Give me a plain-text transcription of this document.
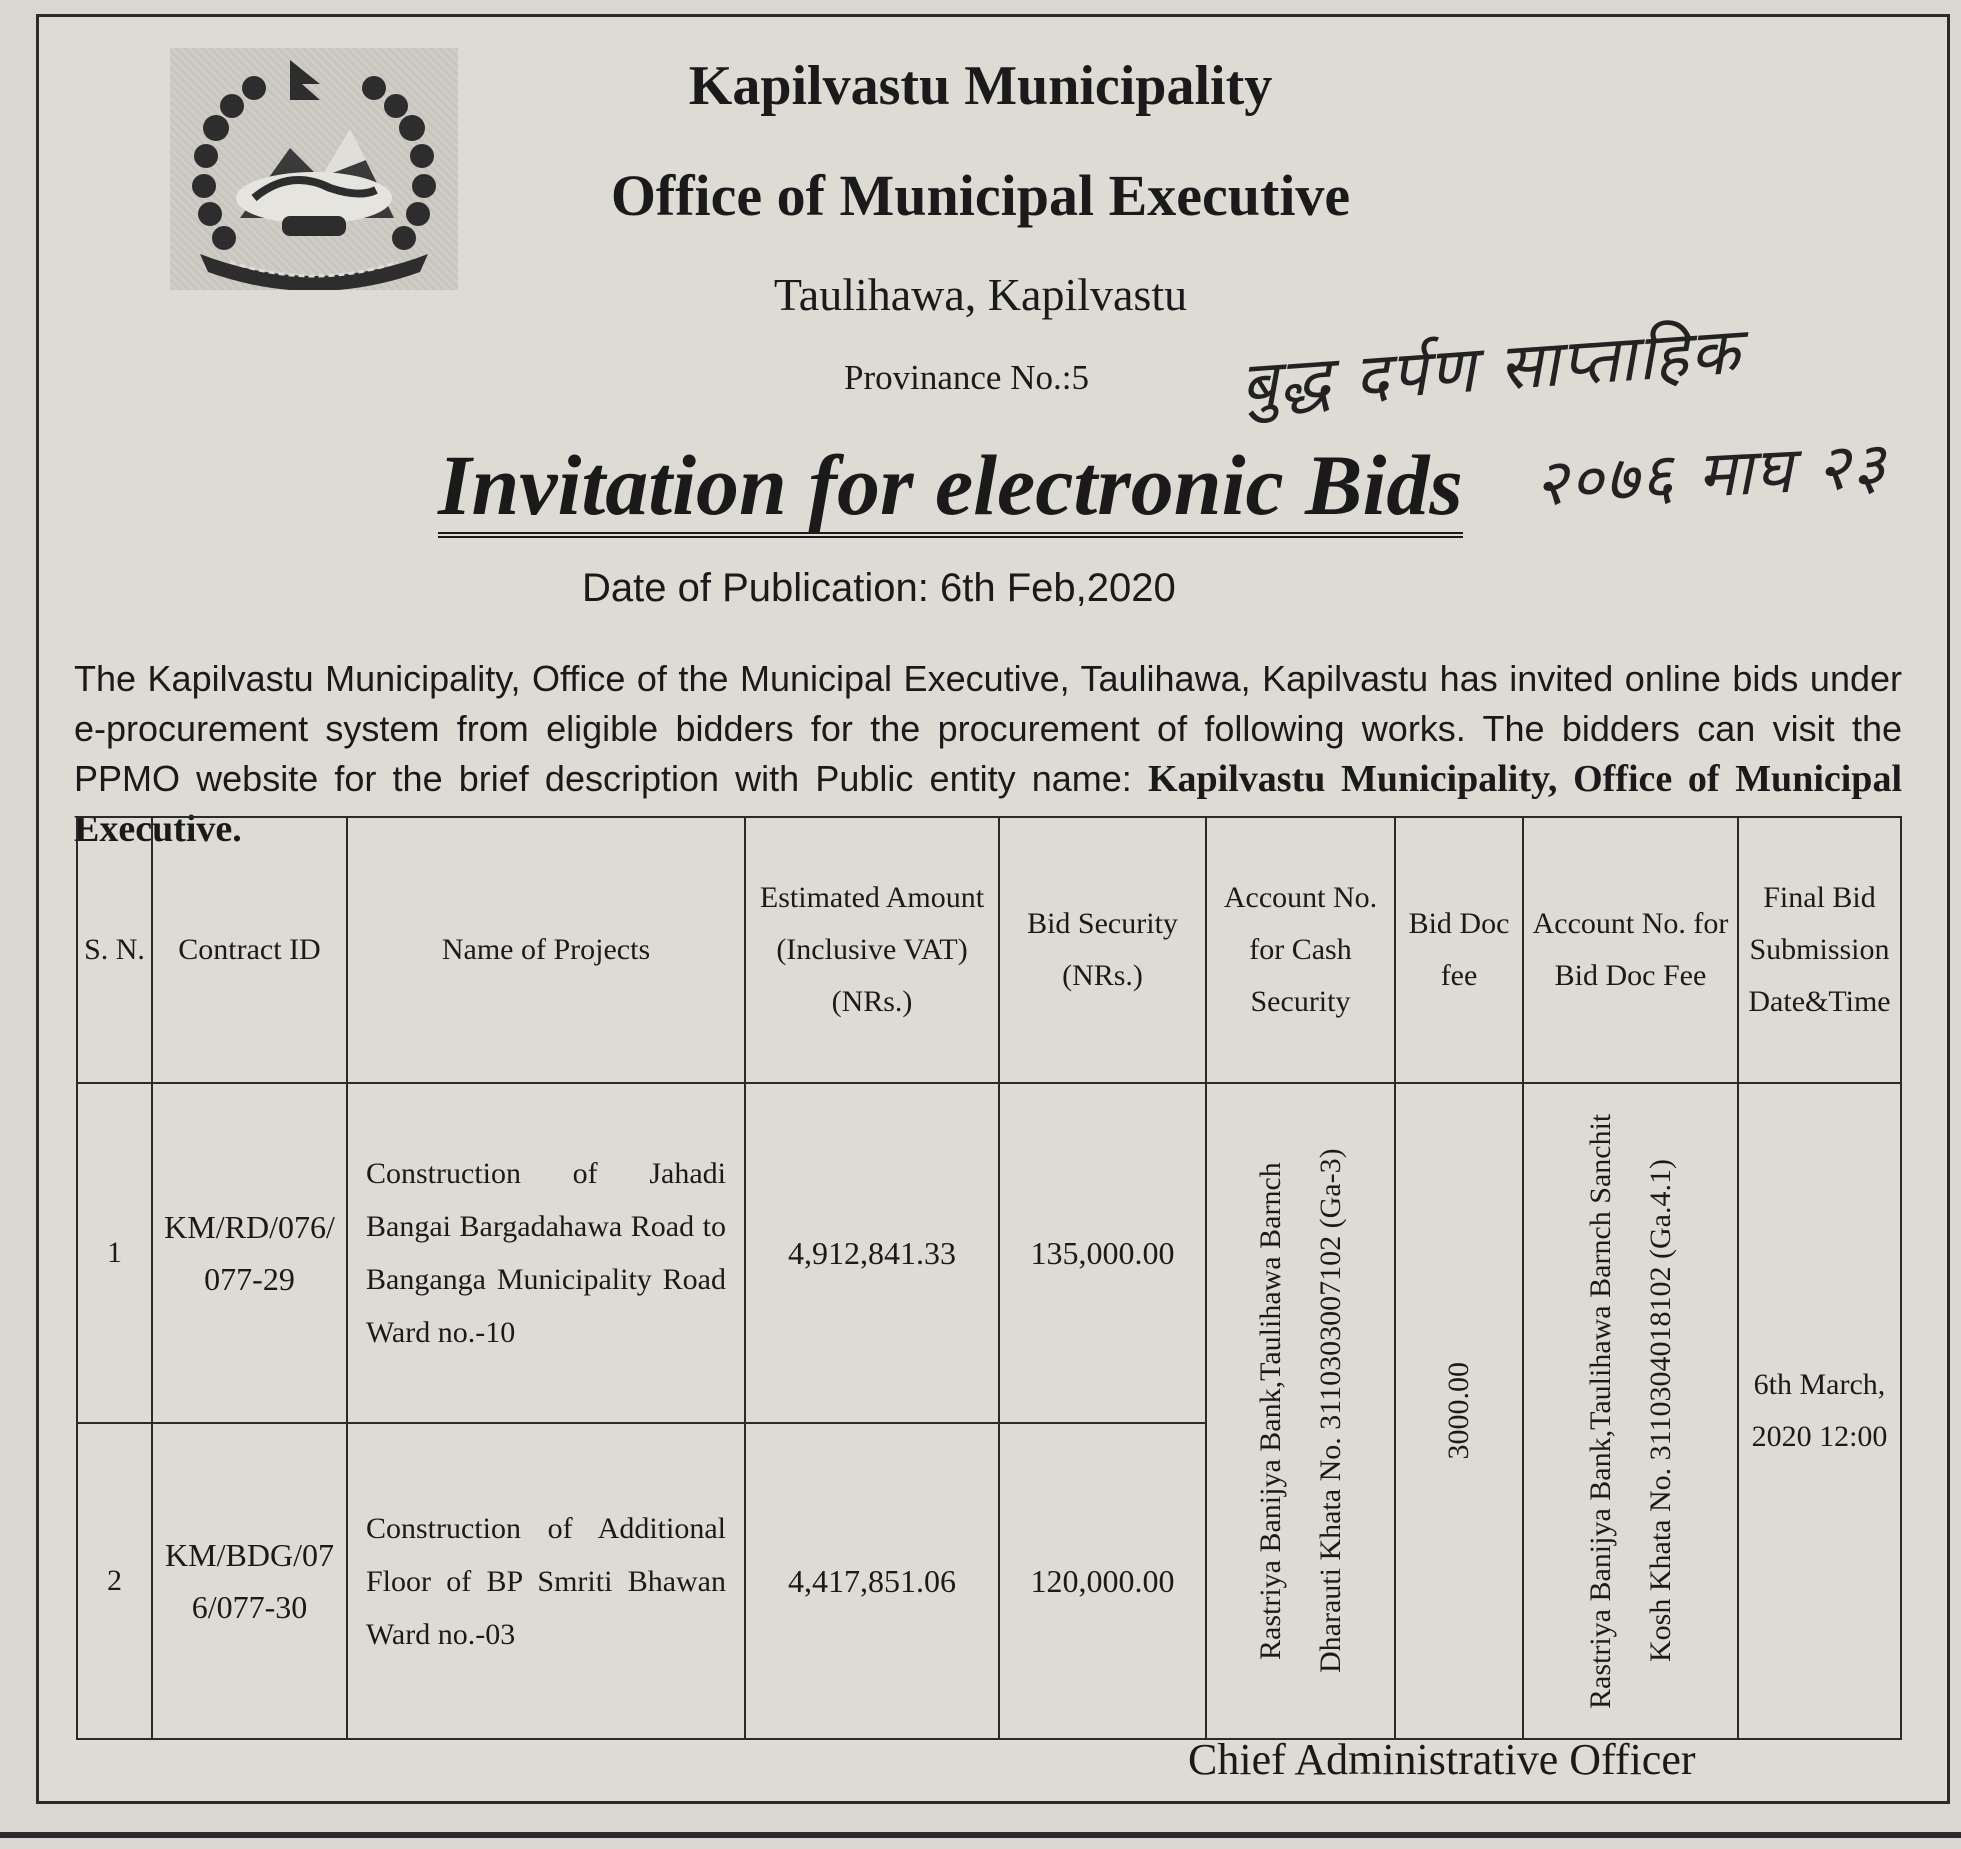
Kapilvastu Municipality
Office of Municipal Executive
Taulihawa, Kapilvastu
Provinance No.:5 बुद्ध दर्पण साप्ताहिक
२०७६ माघ २३
Invitation for electronic Bids
Date of Publication: 6th Feb,2020

The Kapilvastu Municipality, Office of the Municipal Executive, Taulihawa, Kapilvastu has invited online bids under e-procurement system from eligible bidders for the procurement of following works. The bidders can visit the PPMO website for the brief description with Public entity name: Kapilvastu Municipality, Office of Municipal Executive.

S. N.	Contract ID	Name of Projects	Estimated Amount (Inclusive VAT) (NRs.)	Bid Security (NRs.)	Account No. for Cash Security	Bid Doc fee	Account No. for Bid Doc Fee	Final Bid Submission Date&Time
1	KM/RD/076/077-29	Construction of Jahadi Bangai Bargadahawa Road to Banganga Municipality Road Ward no.-10	4,912,841.33	135,000.00	Rastriya Banijya Bank,Taulihawa Barnch Dharauti Khata No. 3110303007102 (Ga-3)	3000.00	Rastriya Banijya Bank,Taulihawa Barnch Sanchit Kosh Khata No. 3110304018102 (Ga.4.1)	6th March, 2020 12:00
2	KM/BDG/076/077-30	Construction of Additional Floor of BP Smriti Bhawan Ward no.-03	4,417,851.06	120,000.00				
Chief Administrative Officer
